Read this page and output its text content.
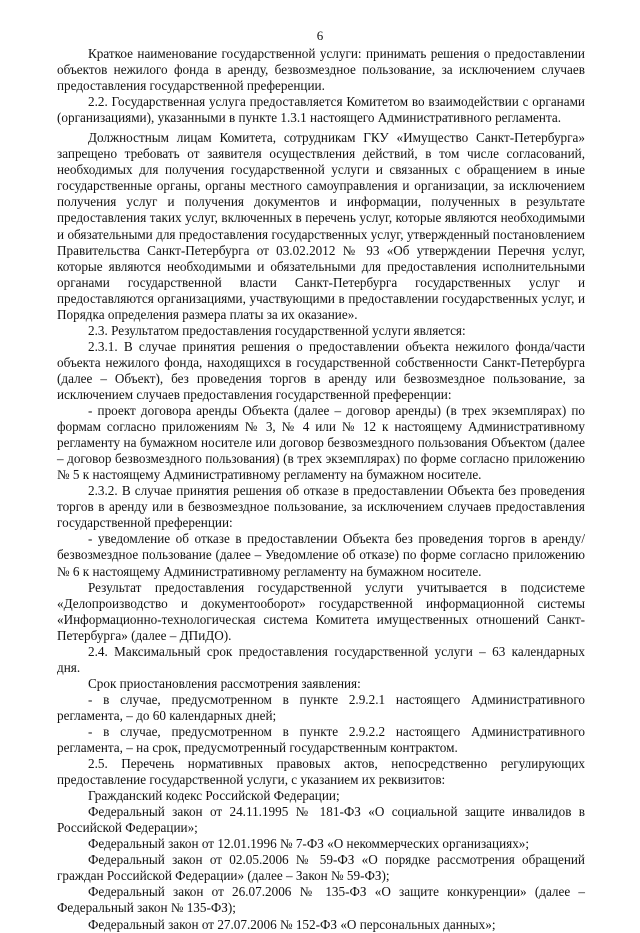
6

Краткое наименование государственной услуги: принимать решения о предоставлении объектов нежилого фонда в аренду, безвозмездное пользование, за исключением случаев предоставления государственной преференции.

2.2. Государственная услуга предоставляется Комитетом во взаимодействии с органами (организациями), указанными в пункте 1.3.1 настоящего Административного регламента.

Должностным лицам Комитета, сотрудникам ГКУ «Имущество Санкт-Петербурга» запрещено требовать от заявителя осуществления действий, в том числе согласований, необходимых для получения государственной услуги и связанных с обращением в иные государственные органы, органы местного самоуправления и организации, за исключением получения услуг и получения документов и информации, полученных в результате предоставления таких услуг, включенных в перечень услуг, которые являются необходимыми и обязательными для предоставления государственных услуг, утвержденный постановлением Правительства Санкт-Петербурга от 03.02.2012 № 93 «Об утверждении Перечня услуг, которые являются необходимыми и обязательными для предоставления исполнительными органами государственной власти Санкт-Петербурга государственных услуг и предоставляются организациями, участвующими в предоставлении государственных услуг, и Порядка определения размера платы за их оказание».

2.3. Результатом предоставления государственной услуги является:

2.3.1. В случае принятия решения о предоставлении объекта нежилого фонда/части объекта нежилого фонда, находящихся в государственной собственности Санкт-Петербурга (далее – Объект), без проведения торгов в аренду или безвозмездное пользование, за исключением случаев предоставления государственной преференции:

- проект договора аренды Объекта (далее – договор аренды) (в трех экземплярах) по формам согласно приложениям № 3, № 4 или № 12 к настоящему Административному регламенту на бумажном носителе или договор безвозмездного пользования Объектом (далее – договор безвозмездного пользования) (в трех экземплярах) по форме согласно приложению № 5 к настоящему Административному регламенту на бумажном носителе.

2.3.2. В случае принятия решения об отказе в предоставлении Объекта без проведения торгов в аренду или в безвозмездное пользование, за исключением случаев предоставления государственной преференции:

- уведомление об отказе в предоставлении Объекта без проведения торгов в аренду/безвозмездное пользование (далее – Уведомление об отказе) по форме согласно приложению № 6 к настоящему Административному регламенту на бумажном носителе.

Результат предоставления государственной услуги учитывается в подсистеме «Делопроизводство и документооборот» государственной информационной системы «Информационно-технологическая система Комитета имущественных отношений Санкт-Петербурга» (далее – ДПиДО).

2.4. Максимальный срок предоставления государственной услуги – 63 календарных дня.

Срок приостановления рассмотрения заявления:

- в случае, предусмотренном в пункте 2.9.2.1 настоящего Административного регламента, – до 60 календарных дней;

- в случае, предусмотренном в пункте 2.9.2.2 настоящего Административного регламента, – на срок, предусмотренный государственным контрактом.

2.5. Перечень нормативных правовых актов, непосредственно регулирующих предоставление государственной услуги, с указанием их реквизитов:

Гражданский кодекс Российской Федерации;

Федеральный закон от 24.11.1995 № 181-ФЗ «О социальной защите инвалидов в Российской Федерации»;

Федеральный закон от 12.01.1996 № 7-ФЗ «О некоммерческих организациях»;

Федеральный закон от 02.05.2006 № 59-ФЗ «О порядке рассмотрения обращений граждан Российской Федерации» (далее – Закон № 59-ФЗ);

Федеральный закон от 26.07.2006 № 135-ФЗ «О защите конкуренции» (далее – Федеральный закон № 135-ФЗ);

Федеральный закон от 27.07.2006 № 152-ФЗ «О персональных данных»;
